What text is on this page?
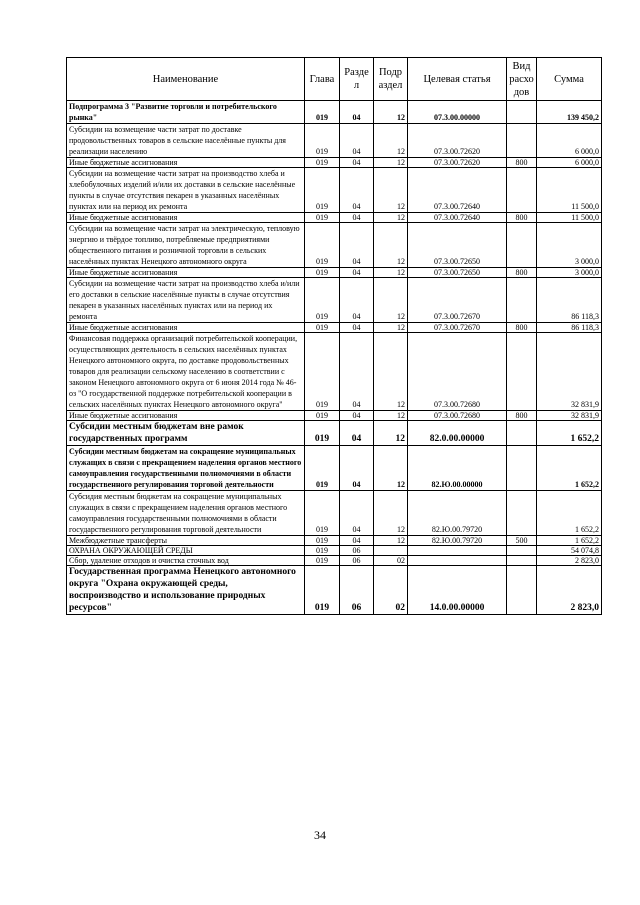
Наименование	Глава	Разде л	Подр аздел	Целевая статья	Вид расхо дов	Сумма
Подпрограмма 3 "Развитие торговли и потребительского рынка"	019	04	12	07.3.00.00000		139 450,2
Субсидии на возмещение части затрат по доставке продовольственных товаров в сельские населённые пункты для реализации населению	019	04	12	07.3.00.72620		6 000,0
Иные бюджетные ассигнования	019	04	12	07.3.00.72620	800	6 000,0
Субсидии на возмещение части затрат на производство хлеба и хлебобулочных изделий и/или их доставки в сельские населённые пункты в случае отсутствия пекарен в указанных населённых пунктах или на период их ремонта	019	04	12	07.3.00.72640		11 500,0
Иные бюджетные ассигнования	019	04	12	07.3.00.72640	800	11 500,0
Субсидии на возмещение части затрат на электрическую, тепловую энергию и твёрдое топливо, потребляемые предприятиями общественного питания и розничной торговли в сельских населённых пунктах Ненецкого автономного округа	019	04	12	07.3.00.72650		3 000,0
Иные бюджетные ассигнования	019	04	12	07.3.00.72650	800	3 000,0
Субсидии на возмещение части затрат на производство хлеба и/или его доставки в сельские населённые пункты в случае отсутствия пекарен в указанных населённых пунктах или на период их ремонта	019	04	12	07.3.00.72670		86 118,3
Иные бюджетные ассигнования	019	04	12	07.3.00.72670	800	86 118,3
Финансовая поддержка организаций потребительской кооперации, осуществляющих деятельность в сельских населённых пунктах Ненецкого автономного округа, по доставке продовольственных товаров для реализации сельскому населению в соответствии с законом Ненецкого автономного округа от 6 июня 2014 года № 46-оз "О государственной поддержке потребительской кооперации в сельских населённых пунктах Ненецкого автономного округа"	019	04	12	07.3.00.72680		32 831,9
Иные бюджетные ассигнования	019	04	12	07.3.00.72680	800	32 831,9
Субсидии местным бюджетам вне рамок государственных программ	019	04	12	82.0.00.00000		1 652,2
Субсидии местным бюджетам на сокращение муниципальных служащих в связи с прекращением наделения органов местного самоуправления государственными полномочиями в области государственного регулирования торговой деятельности	019	04	12	82.Ю.00.00000		1 652,2
Субсидия местным бюджетам на сокращение муниципальных служащих в связи с прекращением наделения органов местного самоуправления государственными полномочиями в области государственного регулирования торговой деятельности	019	04	12	82.Ю.00.79720		1 652,2
Межбюджетные трансферты	019	04	12	82.Ю.00.79720	500	1 652,2
ОХРАНА ОКРУЖАЮЩЕЙ СРЕДЫ	019	06				54 074,8
Сбор, удаление отходов и очистка сточных вод	019	06	02			2 823,0
Государственная программа Ненецкого автономного округа "Охрана окружающей среды, воспроизводство и использование природных ресурсов"	019	06	02	14.0.00.00000		2 823,0
34
